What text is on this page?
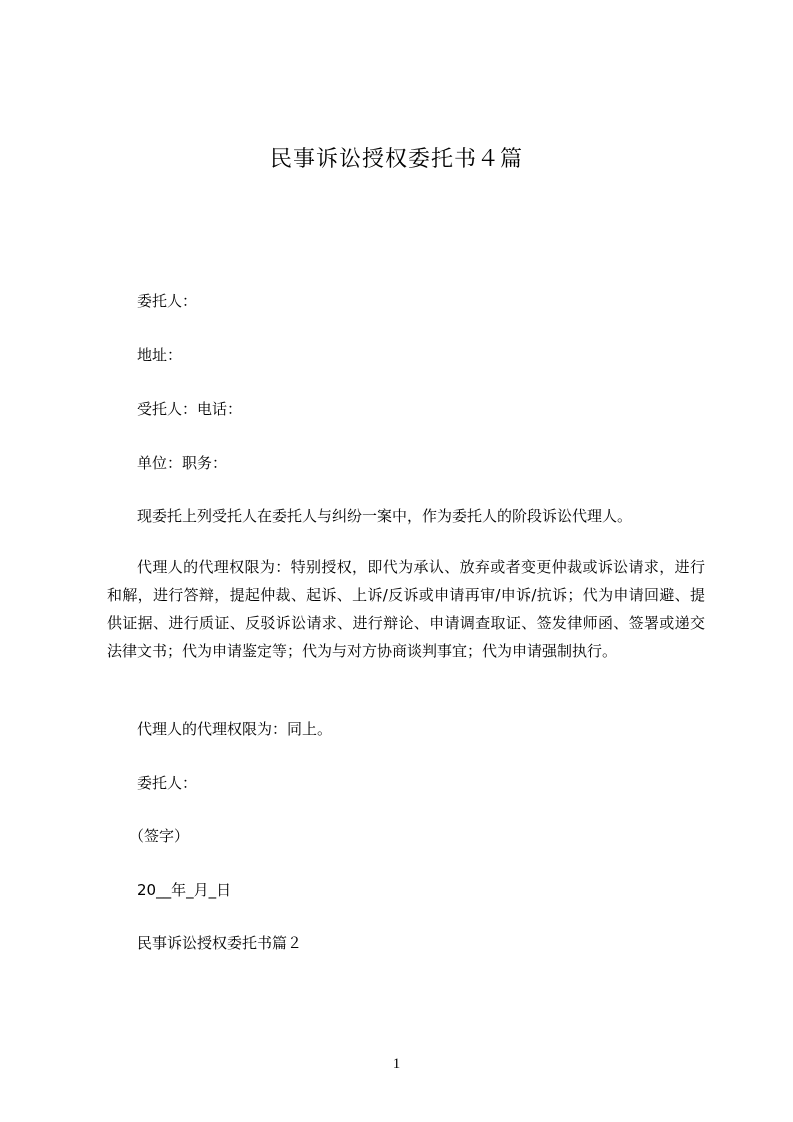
民事诉讼授权委托书４篇
委托人：
地址：
受托人：电话：
单位：职务：
现委托上列受托人在委托人与纠纷一案中，作为委托人的阶段诉讼代理人。
代理人的代理权限为：特别授权，即代为承认、放弃或者变更仲裁或诉讼请求，进行和解，进行答辩，提起仲裁、起诉、上诉/反诉或申请再审/申诉/抗诉；代为申请回避、提供证据、进行质证、反驳诉讼请求、进行辩论、申请调查取证、签发律师函、签署或递交法律文书；代为申请鉴定等；代为与对方协商谈判事宜；代为申请强制执行。
代理人的代理权限为：同上。
委托人：
（签字）
20__年_月_日
民事诉讼授权委托书篇２
1
